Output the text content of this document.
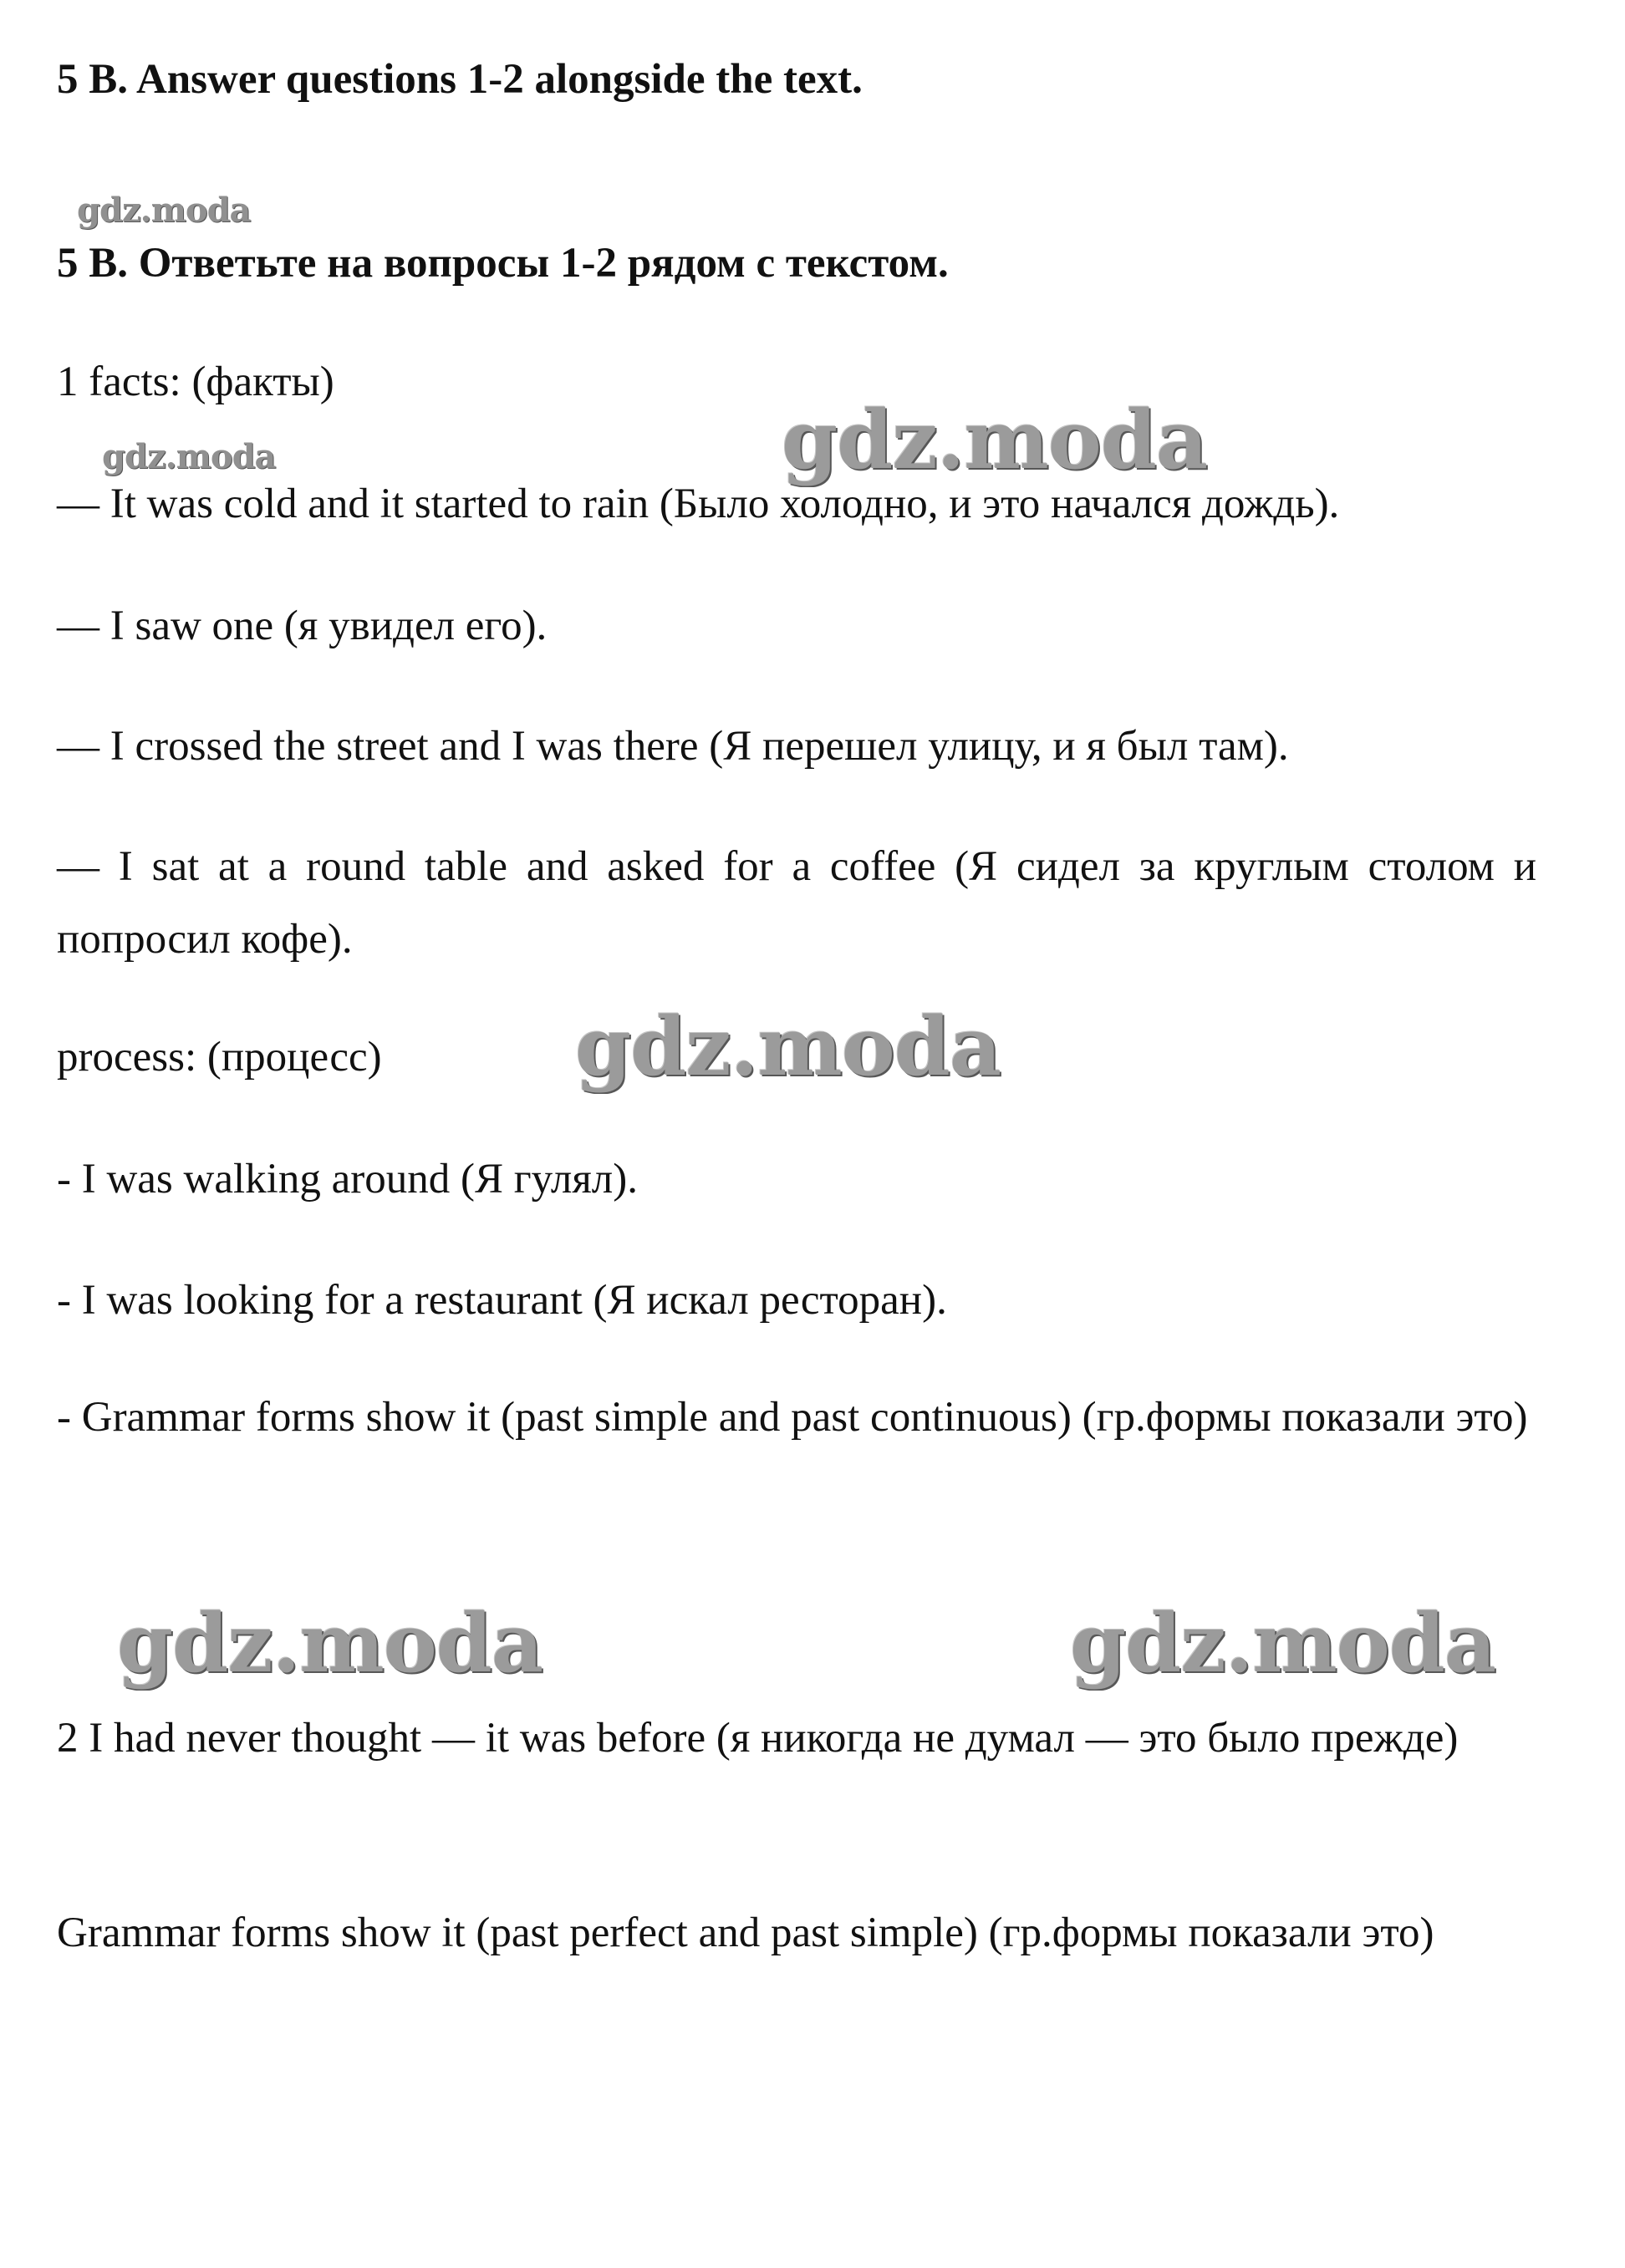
5 B. Answer questions 1-2 alongside the text.

gdz.moda

5 B. Ответьте на вопросы 1-2 рядом с текстом.

1 facts: (факты)

gdz.moda
gdz.moda

— It was cold and it started to rain (Было холодно, и это начался дождь).

— I saw one (я увидел его).

— I crossed the street and I was there (Я перешел улицу, и я был там).

— I sat at a round table and asked for a coffee (Я сидел за круглым столом и попросил кофе).

process: (процесс) gdz.moda

- I was walking around (Я гулял).

- I was looking for a restaurant (Я искал ресторан).

- Grammar forms show it (past simple and past continuous) (гр.формы показали это)

gdz.moda	gdz.moda

2 I had never thought — it was before (я никогда не думал — это было прежде)

Grammar forms show it (past perfect and past simple) (гр.формы показали это)
